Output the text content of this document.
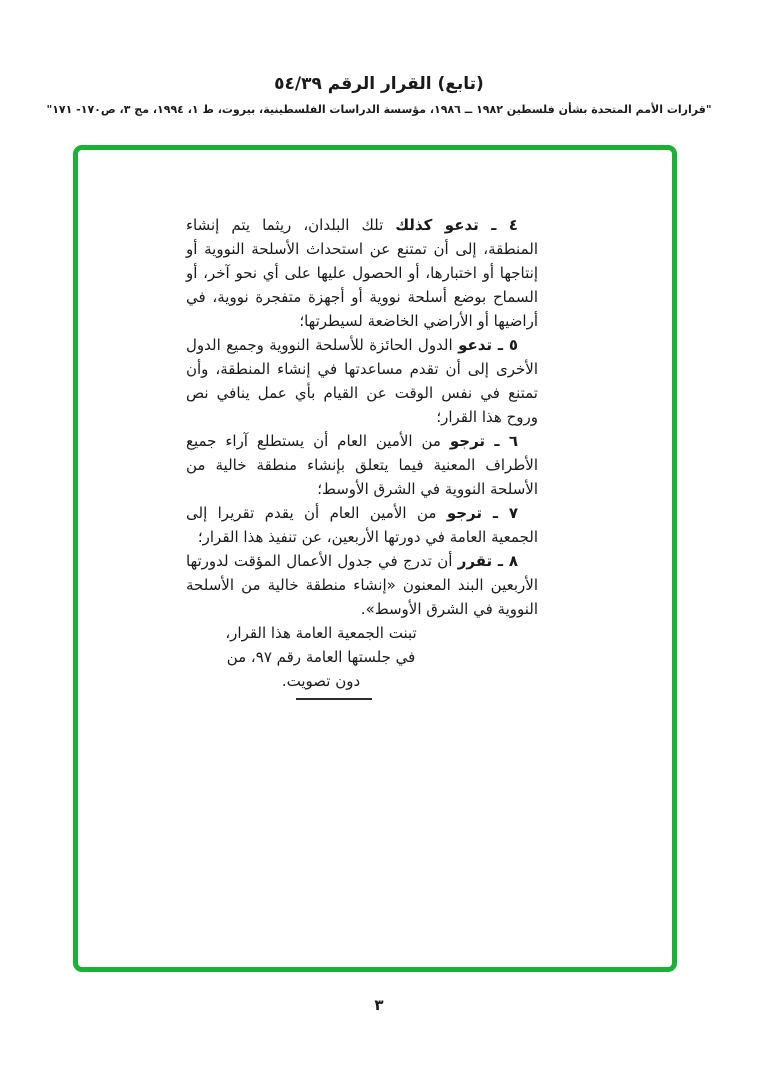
(تابع) القرار الرقم ٥٤/٣٩
"قرارات الأمم المتحدة بشأن فلسطين ١٩٨٢ ــ ١٩٨٦، مؤسسة الدراسات الفلسطينية، بيروت، ط ١، ١٩٩٤، مج ٣، ص١٧٠- ١٧١"

٤ ـ تدعو كذلك تلك البلدان، ريثما يتم إنشاء المنطقة، إلى أن تمتنع عن استحداث الأسلحة النووية أو إنتاجها أو اختبارها، أو الحصول عليها على أي نحو آخر، أو السماح بوضع أسلحة نووية أو أجهزة متفجرة نووية، في أراضيها أو الأراضي الخاضعة لسيطرتها؛

٥ ـ تدعو الدول الحائزة للأسلحة النووية وجميع الدول الأخرى إلى أن تقدم مساعدتها في إنشاء المنطقة، وأن تمتنع في نفس الوقت عن القيام بأي عمل ينافي نص وروح هذا القرار؛

٦ ـ ترجو من الأمين العام أن يستطلع آراء جميع الأطراف المعنية فيما يتعلق بإنشاء منطقة خالية من الأسلحة النووية في الشرق الأوسط؛

٧ ـ ترجو من الأمين العام أن يقدم تقريرا إلى الجمعية العامة في دورتها الأربعين، عن تنفيذ هذا القرار؛

٨ ـ تقرر أن تدرج في جدول الأعمال المؤقت لدورتها الأربعين البند المعنون «إنشاء منطقة خالية من الأسلحة النووية في الشرق الأوسط».

تبنت الجمعية العامة هذا القرار،
في جلستها العامة رقم ٩٧، من
دون تصويت.
٣
